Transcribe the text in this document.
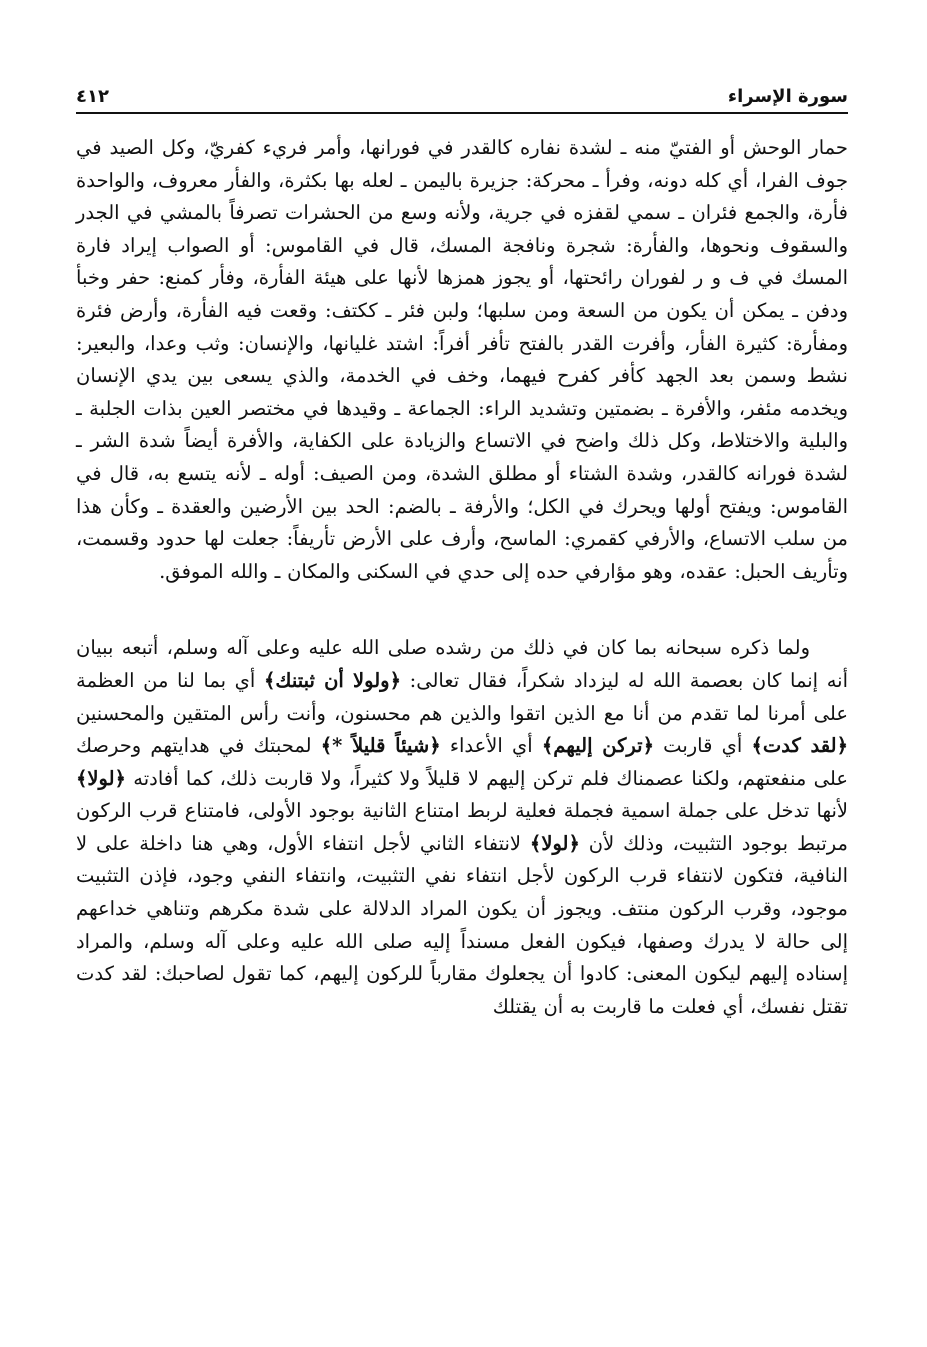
سورة الإسراء
٤١٢

حمار الوحش أو الفتيّ منه ـ لشدة نفاره كالقدر في فورانها، وأمر فريء كفريّ، وكل الصيد في جوف الفرا، أي كله دونه، وفرأ ـ محركة: جزيرة باليمن ـ لعله بها بكثرة، والفأر معروف، والواحدة فأرة، والجمع فئران ـ سمي لقفزه في جرية، ولأنه وسع من الحشرات تصرفاً بالمشي في الجدر والسقوف ونحوها، والفأرة: شجرة ونافجة المسك، قال في القاموس: أو الصواب إيراد فارة المسك في ف و ر لفوران رائحتها، أو يجوز همزها لأنها على هيئة الفأرة، وفأر كمنع: حفر وخبأ ودفن ـ يمكن أن يكون من السعة ومن سلبها؛ ولبن فئر ـ ككتف: وقعت فيه الفأرة، وأرض فئرة ومفأرة: كثيرة الفأر، وأفرت القدر بالفتح تأفر أفراً: اشتد غليانها، والإنسان: وثب وعدا، والبعير: نشط وسمن بعد الجهد كأفر كفرح فيهما، وخف في الخدمة، والذي يسعى بين يدي الإنسان ويخدمه مئفر، والأفرة ـ بضمتين وتشديد الراء: الجماعة ـ وقيدها في مختصر العين بذات الجلبة ـ والبلية والاختلاط، وكل ذلك واضح في الاتساع والزيادة على الكفاية، والأفرة أيضاً شدة الشر ـ لشدة فورانه كالقدر، وشدة الشتاء أو مطلق الشدة، ومن الصيف: أوله ـ لأنه يتسع به، قال في القاموس: ويفتح أولها ويحرك في الكل؛ والأرفة ـ بالضم: الحد بين الأرضين والعقدة ـ وكأن هذا من سلب الاتساع، والأرفي كقمري: الماسح، وأرف على الأرض تأريفاً: جعلت لها حدود وقسمت، وتأريف الحبل: عقده، وهو مؤارفي حده إلى حدي في السكنى والمكان ـ والله الموفق.

ولما ذكره سبحانه بما كان في ذلك من رشده صلى الله عليه وعلى آله وسلم، أتبعه ببيان أنه إنما كان بعصمة الله له ليزداد شكراً، فقال تعالى: ﴿ولولا أن ثبتنك﴾ أي بما لنا من العظمة على أمرنا لما تقدم من أنا مع الذين اتقوا والذين هم محسنون، وأنت رأس المتقين والمحسنين ﴿لقد كدت﴾ أي قاربت ﴿تركن إليهم﴾ أي الأعداء ﴿شيئاً قليلاً *﴾ لمحبتك في هدايتهم وحرصك على منفعتهم، ولكنا عصمناك فلم تركن إليهم لا قليلاً ولا كثيراً، ولا قاربت ذلك، كما أفادته ﴿لولا﴾ لأنها تدخل على جملة اسمية فجملة فعلية لربط امتناع الثانية بوجود الأولى، فامتناع قرب الركون مرتبط بوجود التثبيت، وذلك لأن ﴿لولا﴾ لانتفاء الثاني لأجل انتفاء الأول، وهي هنا داخلة على لا النافية، فتكون لانتفاء قرب الركون لأجل انتفاء نفي التثبيت، وانتفاء النفي وجود، فإذن التثبيت موجود، وقرب الركون منتف. ويجوز أن يكون المراد الدلالة على شدة مكرهم وتناهي خداعهم إلى حالة لا يدرك وصفها، فيكون الفعل مسنداً إليه صلى الله عليه وعلى آله وسلم، والمراد إسناده إليهم ليكون المعنى: كادوا أن يجعلوك مقارباً للركون إليهم، كما تقول لصاحبك: لقد كدت تقتل نفسك، أي فعلت ما قاربت به أن يقتلك
